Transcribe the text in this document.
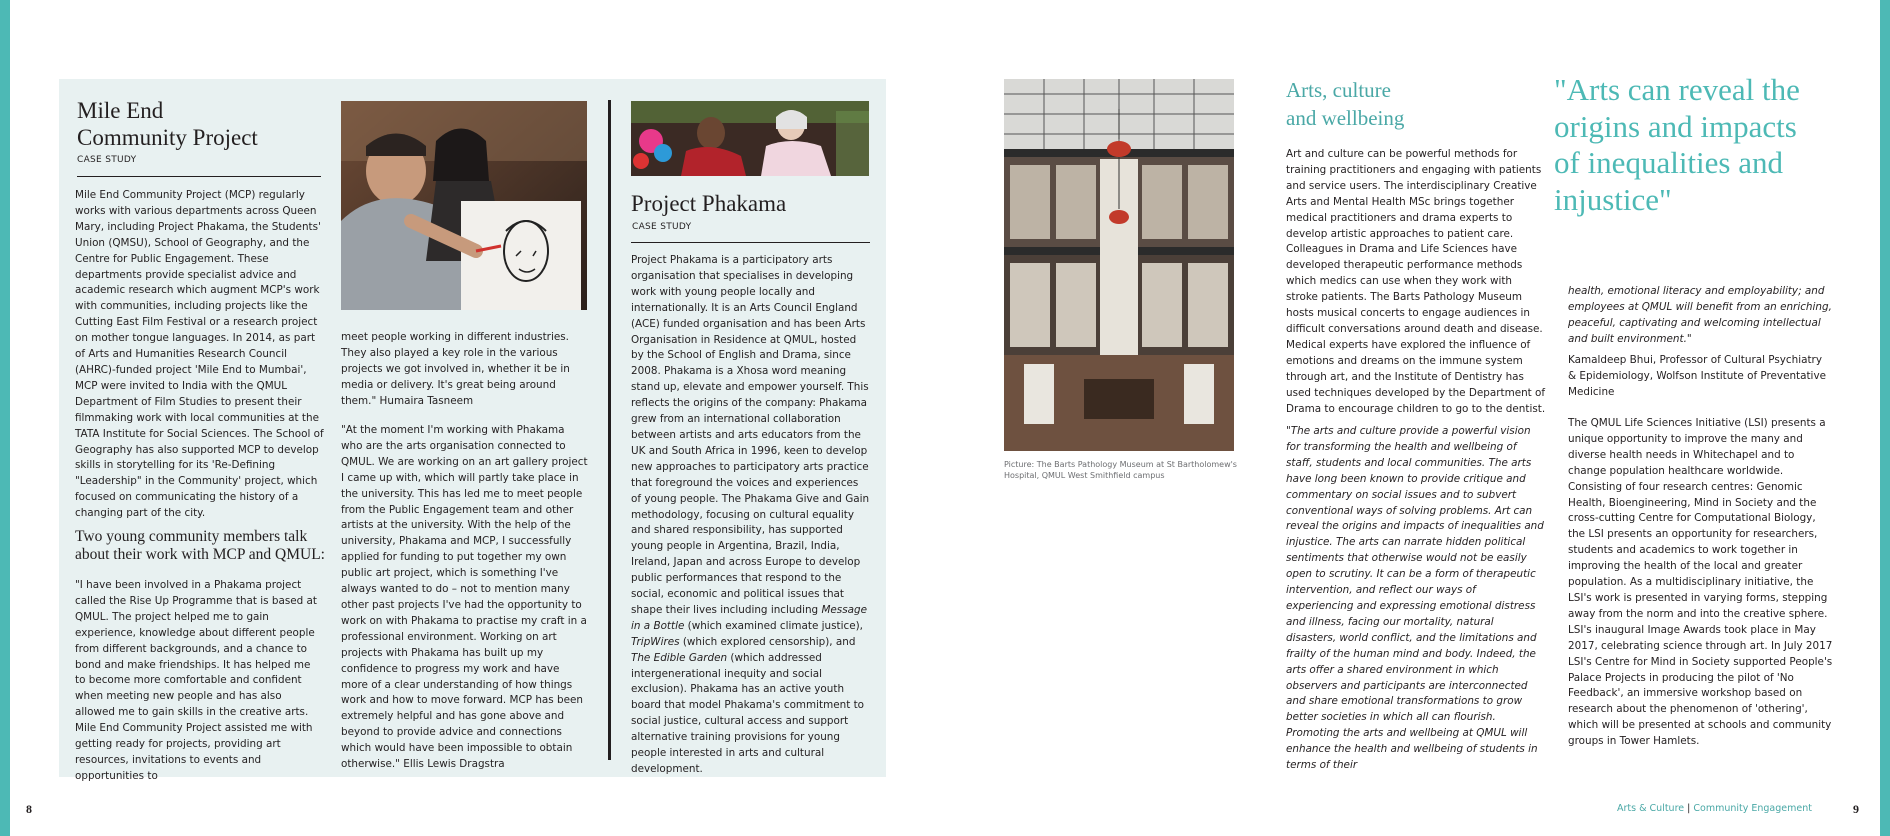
Mile End
Community Project
CASE STUDY
Mile End Community Project (MCP) regularly works with various departments across Queen Mary, including Project Phakama, the Students' Union (QMSU), School of Geography, and the Centre for Public Engagement. These departments provide specialist advice and academic research which augment MCP's work with communities, including projects like the Cutting East Film Festival or a research project on mother tongue languages. In 2014, as part of Arts and Humanities Research Council (AHRC)-funded project 'Mile End to Mumbai', MCP were invited to India with the QMUL Department of Film Studies to present their filmmaking work with local communities at the TATA Institute for Social Sciences. The School of Geography has also supported MCP to develop skills in storytelling for its 'Re-Defining "Leadership" in the Community' project, which focused on communicating the history of a changing part of the city.
Two young community members talk about their work with MCP and QMUL:
"I have been involved in a Phakama project called the Rise Up Programme that is based at QMUL. The project helped me to gain experience, knowledge about different people from different backgrounds, and a chance to bond and make friendships. It has helped me to become more comfortable and confident when meeting new people and has also allowed me to gain skills in the creative arts. Mile End Community Project assisted me with getting ready for projects, providing art resources, invitations to events and opportunities to
meet people working in different industries. They also played a key role in the various projects we got involved in, whether it be in media or delivery. It's great being around them." Humaira Tasneem
"At the moment I'm working with Phakama who are the arts organisation connected to QMUL. We are working on an art gallery project I came up with, which will partly take place in the university. This has led me to meet people from the Public Engagement team and other artists at the university. With the help of the university, Phakama and MCP, I successfully applied for funding to put together my own public art project, which is something I've always wanted to do – not to mention many other past projects I've had the opportunity to work on with Phakama to practise my craft in a professional environment. Working on art projects with Phakama has built up my confidence to progress my work and have more of a clear understanding of how things work and how to move forward. MCP has been extremely helpful and has gone above and beyond to provide advice and connections which would have been impossible to obtain otherwise." Ellis Lewis Dragstra
Project Phakama
CASE STUDY
Project Phakama is a participatory arts organisation that specialises in developing work with young people locally and internationally. It is an Arts Council England (ACE) funded organisation and has been Arts Organisation in Residence at QMUL, hosted by the School of English and Drama, since 2008. Phakama is a Xhosa word meaning stand up, elevate and empower yourself. This reflects the origins of the company: Phakama grew from an international collaboration between artists and arts educators from the UK and South Africa in 1996, keen to develop new approaches to participatory arts practice that foreground the voices and experiences of young people. The Phakama Give and Gain methodology, focusing on cultural equality and shared responsibility, has supported young people in Argentina, Brazil, India, Ireland, Japan and across Europe to develop public performances that respond to the social, economic and political issues that shape their lives including including Message in a Bottle (which examined climate justice), TripWires (which explored censorship), and The Edible Garden (which addressed intergenerational inequity and social exclusion). Phakama has an active youth board that model Phakama's commitment to social justice, cultural access and support alternative training provisions for young people interested in arts and cultural development.
8
Picture: The Barts Pathology Museum at St Bartholomew's Hospital, QMUL West Smithfield campus
Arts, culture
and wellbeing
Art and culture can be powerful methods for training practitioners and engaging with patients and service users. The interdisciplinary Creative Arts and Mental Health MSc brings together medical practitioners and drama experts to develop artistic approaches to patient care. Colleagues in Drama and Life Sciences have developed therapeutic performance methods which medics can use when they work with stroke patients. The Barts Pathology Museum hosts musical concerts to engage audiences in difficult conversations around death and disease. Medical experts have explored the influence of emotions and dreams on the immune system through art, and the Institute of Dentistry has used techniques developed by the Department of Drama to encourage children to go to the dentist.
"The arts and culture provide a powerful vision for transforming the health and wellbeing of staff, students and local communities. The arts have long been known to provide critique and commentary on social issues and to subvert conventional ways of solving problems. Art can reveal the origins and impacts of inequalities and injustice. The arts can narrate hidden political sentiments that otherwise would not be easily open to scrutiny. It can be a form of therapeutic intervention, and reflect our ways of experiencing and expressing emotional distress and illness, facing our mortality, natural disasters, world conflict, and the limitations and frailty of the human mind and body. Indeed, the arts offer a shared environment in which observers and participants are interconnected and share emotional transformations to grow better societies in which all can flourish. Promoting the arts and wellbeing at QMUL will enhance the health and wellbeing of students in terms of their
"Arts can reveal the origins and impacts of inequalities and injustice"
health, emotional literacy and employability; and employees at QMUL will benefit from an enriching, peaceful, captivating and welcoming intellectual and built environment."
Kamaldeep Bhui, Professor of Cultural Psychiatry & Epidemiology, Wolfson Institute of Preventative Medicine
The QMUL Life Sciences Initiative (LSI) presents a unique opportunity to improve the many and diverse health needs in Whitechapel and to change population healthcare worldwide. Consisting of four research centres: Genomic Health, Bioengineering, Mind in Society and the cross-cutting Centre for Computational Biology, the LSI presents an opportunity for researchers, students and academics to work together in improving the health of the local and greater population. As a multidisciplinary initiative, the LSI's work is presented in varying forms, stepping away from the norm and into the creative sphere. LSI's inaugural Image Awards took place in May 2017, celebrating science through art. In July 2017 LSI's Centre for Mind in Society supported People's Palace Projects in producing the pilot of 'No Feedback', an immersive workshop based on research about the phenomenon of 'othering', which will be presented at schools and community groups in Tower Hamlets.
Arts & Culture | Community Engagement	9
